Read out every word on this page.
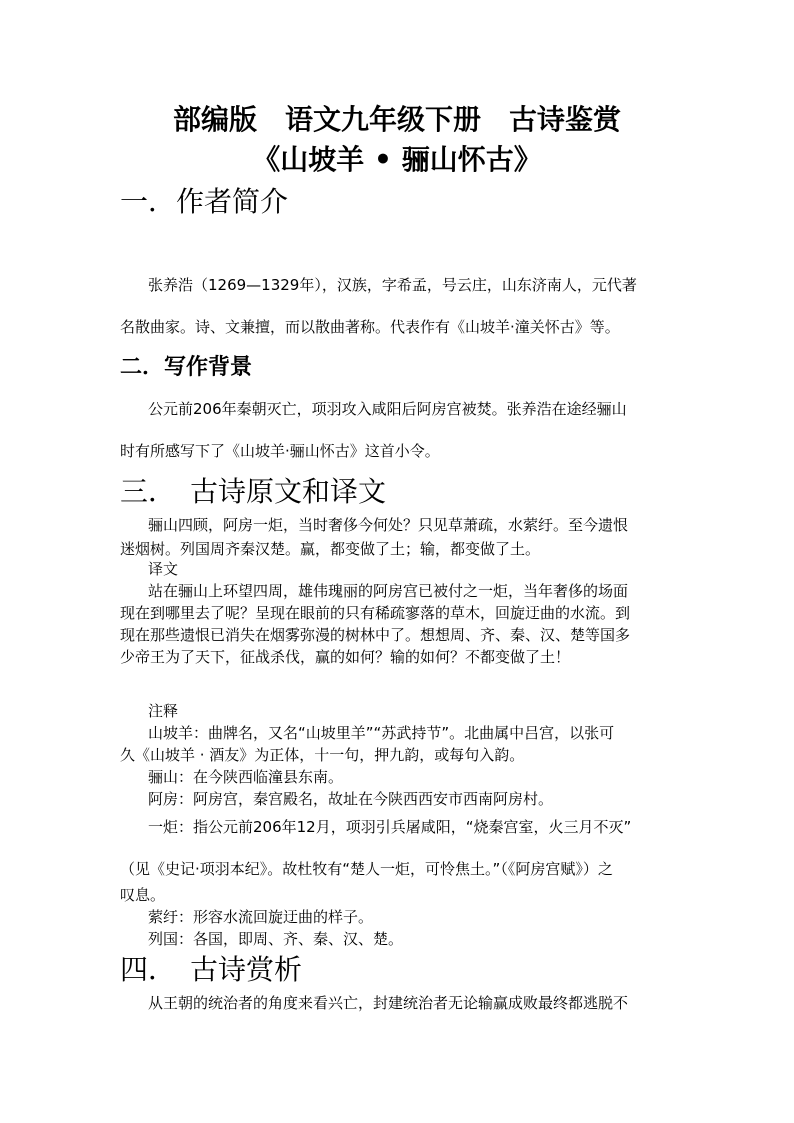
部编版　语文九年级下册　古诗鉴赏
《山坡羊 • 骊山怀古》
一．作者简介
张养浩（1269—1329年），汉族，字希孟，号云庄，山东济南人，元代著
名散曲家。诗、文兼擅，而以散曲著称。代表作有《山坡羊·潼关怀古》等。
二．写作背景
公元前206年秦朝灭亡，项羽攻入咸阳后阿房宫被焚。张养浩在途经骊山
时有所感写下了《山坡羊·骊山怀古》这首小令。
三．　古诗原文和译文
骊山四顾，阿房一炬，当时奢侈今何处？只见草萧疏，水萦纡。至今遗恨
迷烟树。列国周齐秦汉楚。赢，都变做了土；输，都变做了土。
译文
站在骊山上环望四周，雄伟瑰丽的阿房宫已被付之一炬，当年奢侈的场面
现在到哪里去了呢？呈现在眼前的只有稀疏寥落的草木，回旋迂曲的水流。到
现在那些遗恨已消失在烟雾弥漫的树林中了。想想周、齐、秦、汉、楚等国多
少帝王为了天下，征战杀伐，赢的如何？输的如何？不都变做了土！
注释
山坡羊：曲牌名，又名“山坡里羊”“苏武持节”。北曲属中吕宫，以张可
久《山坡羊 · 酒友》为正体，十一句，押九韵，或每句入韵。
骊山：在今陕西临潼县东南。
阿房：阿房宫，秦宫殿名，故址在今陕西西安市西南阿房村。
一炬：指公元前206年12月，项羽引兵屠咸阳，“烧秦宫室，火三月不灭”
（见《史记·项羽本纪》。故杜牧有“楚人一炬，可怜焦土。”（《阿房宫赋》）之
叹息。
萦纡：形容水流回旋迂曲的样子。
列国：各国，即周、齐、秦、汉、楚。
四．　古诗赏析
从王朝的统治者的角度来看兴亡，封建统治者无论输赢成败最终都逃脱不
